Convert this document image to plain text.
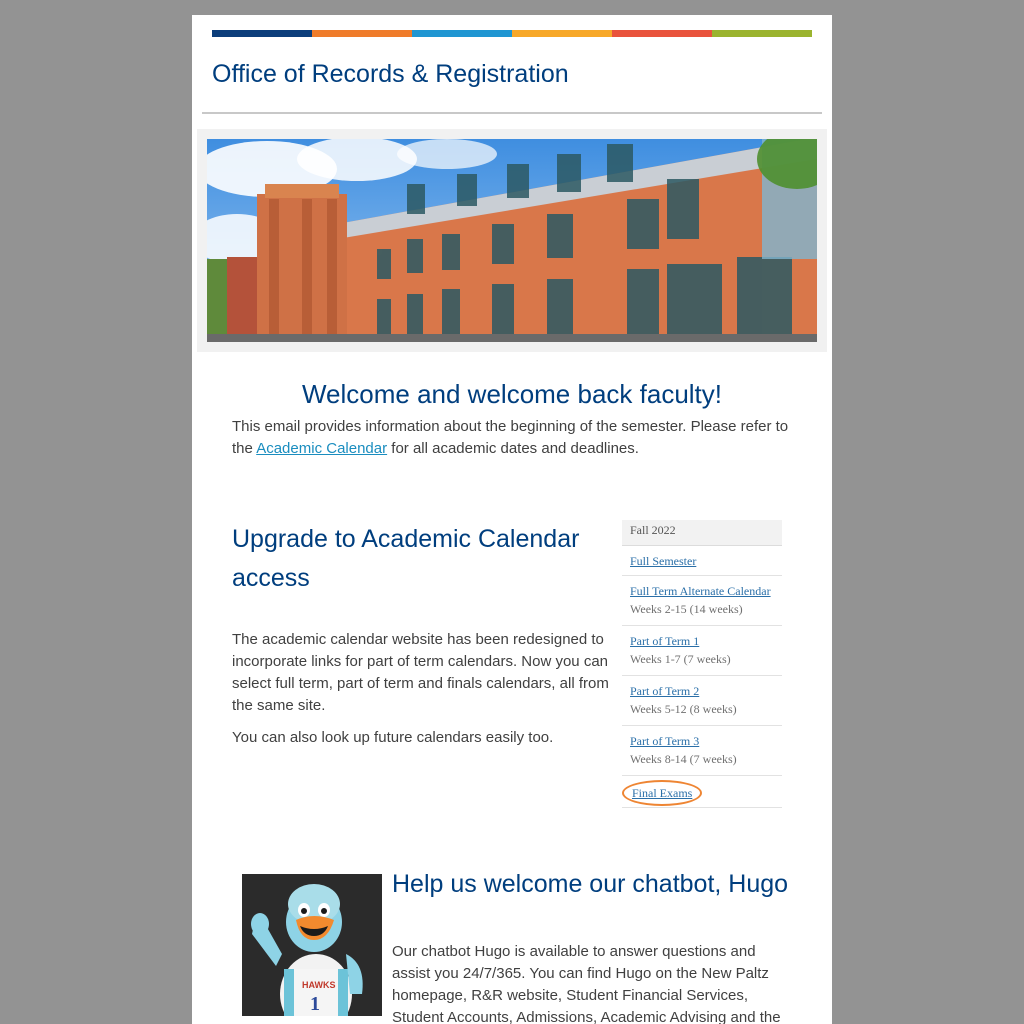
Office of Records & Registration
Welcome and welcome back faculty!

This email provides information about the beginning of the semester. Please refer to the Academic Calendar for all academic dates and deadlines.

Upgrade to Academic Calendar access

The academic calendar website has been redesigned to incorporate links for part of term calendars. Now you can select full term, part of term and finals calendars, all from the same site.

You can also look up future calendars easily too.

Fall 2022
Full Semester
Full Term Alternate Calendar
Weeks 2-15 (14 weeks)
Part of Term 1
Weeks 1-7 (7 weeks)
Part of Term 2
Weeks 5-12 (8 weeks)
Part of Term 3
Weeks 8-14 (7 weeks)
Final Exams
HAWKS
1
Help us welcome our chatbot, Hugo

Our chatbot Hugo is available to answer questions and assist you 24/7/365. You can find Hugo on the New Paltz homepage, R&R website, Student Financial Services, Student Accounts, Admissions, Academic Advising and the
